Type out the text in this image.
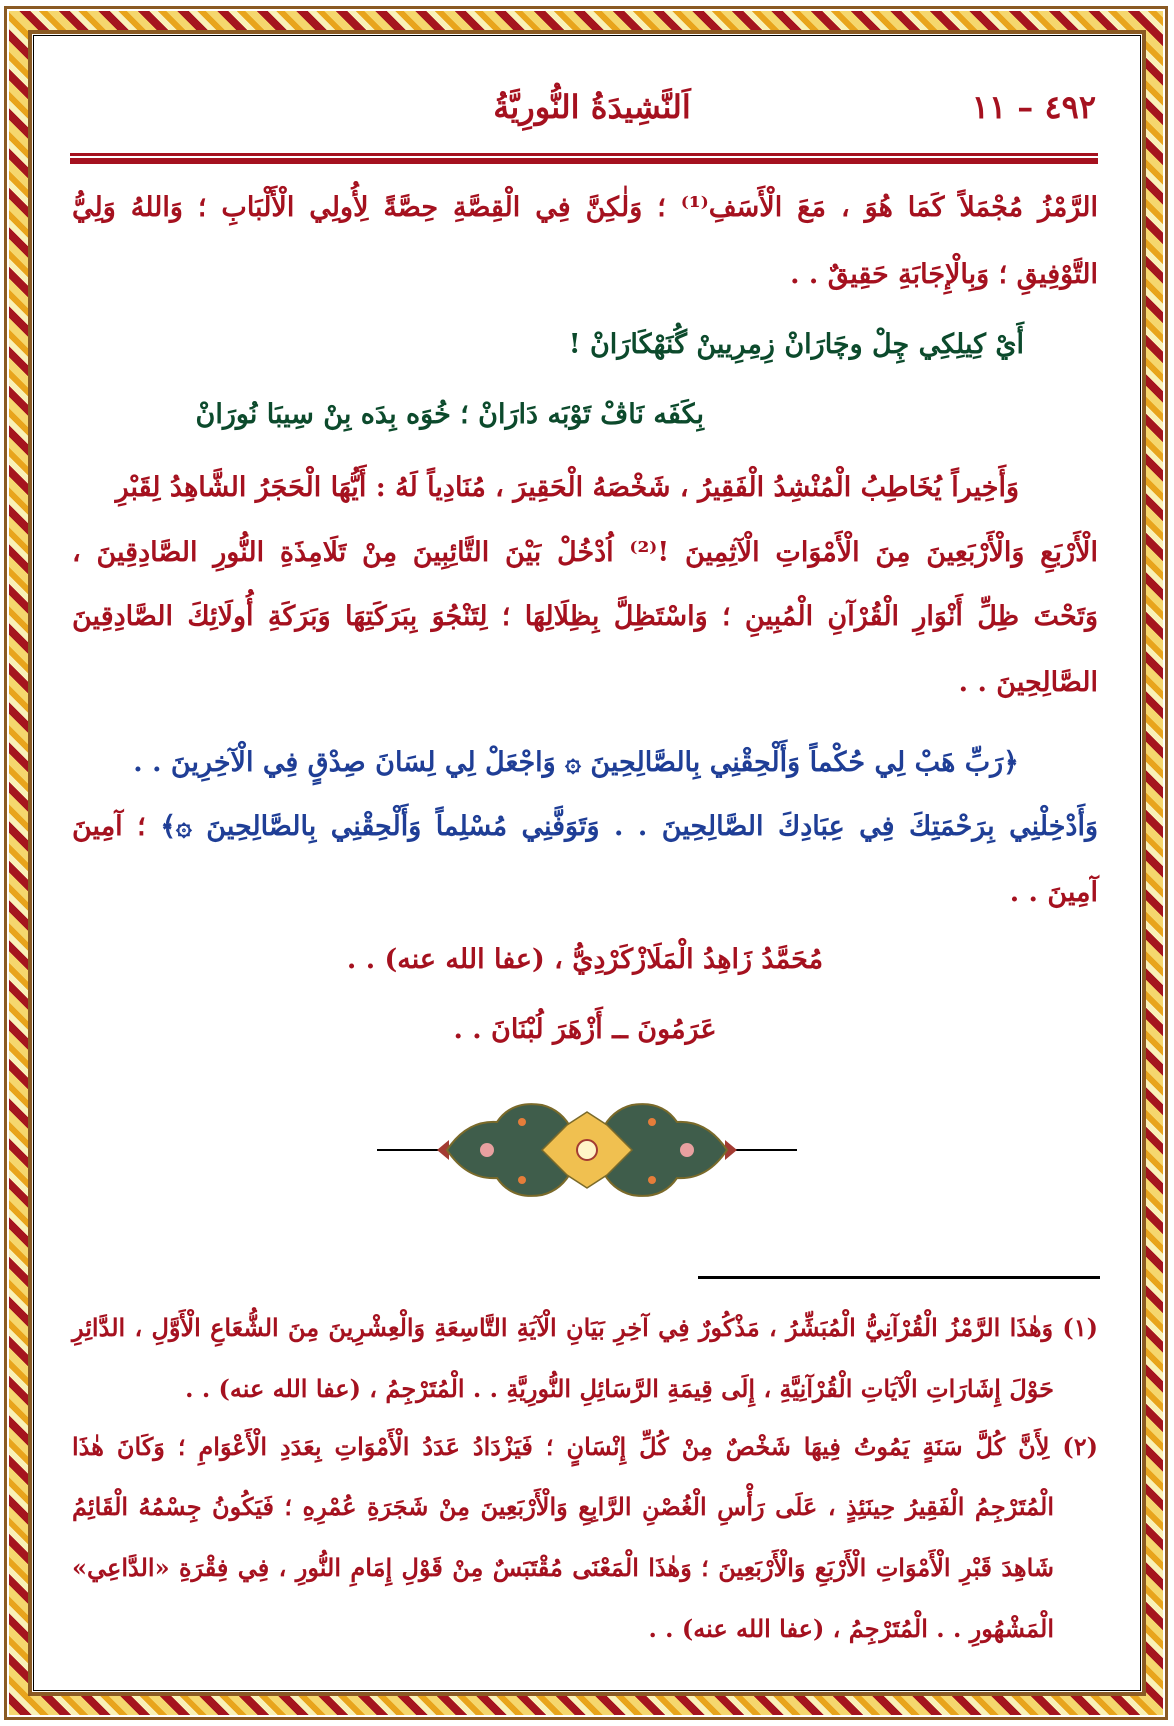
٤٩٢ – ١١
اَلنَّشِيدَةُ النُّورِيَّةُ
الرَّمْزُ مُجْمَلاً كَمَا هُوَ ، مَعَ الْأَسَفِ⁽¹⁾ ؛ وَلٰكِنَّ فِي الْقِصَّةِ حِصَّةً لِأُولِي الْأَلْبَابِ ؛ وَاللهُ وَلِيُّ
التَّوْفِيقِ ؛ وَبِالْإِجَابَةِ حَقِيقٌ . .
أَيْ كِيلِكِي چِلْ وچَارَانْ زِمِرِيينْ گُنَهْكَارَانْ !
بِكَفَه نَاڤْ تَوْبَه دَارَانْ ؛ خُوَه بِدَه بِنْ سِيبَا نُورَانْ
وَأَخِيراً يُخَاطِبُ الْمُنْشِدُ الْفَقِيرُ ، شَخْصَهُ الْحَقِيرَ ، مُنَادِياً لَهُ : أَيُّهَا الْحَجَرُ الشَّاهِدُ لِقَبْرِ
الْأَرْبَعِ وَالْأَرْبَعِينَ مِنَ الْأَمْوَاتِ الْآثِمِينَ !⁽²⁾ اُدْخُلْ بَيْنَ التَّائِبِينَ مِنْ تَلَامِذَةِ النُّورِ الصَّادِقِينَ ،
وَتَحْتَ ظِلِّ أَنْوَارِ الْقُرْآنِ الْمُبِينِ ؛ وَاسْتَظِلَّ بِظِلَالِهَا ؛ لِتَنْجُوَ بِبَرَكَتِهَا وَبَرَكَةِ أُولَائِكَ الصَّادِقِينَ
الصَّالِحِينَ . .
﴿رَبِّ هَبْ لِي حُكْماً وَأَلْحِقْنِي بِالصَّالِحِينَ ۞ وَاجْعَلْ لِي لِسَانَ صِدْقٍ فِي الْآخِرِينَ . .
وَأَدْخِلْنِي بِرَحْمَتِكَ فِي عِبَادِكَ الصَّالِحِينَ . . وَتَوَفَّنِي مُسْلِماً وَأَلْحِقْنِي بِالصَّالِحِينَ ۞﴾ ؛ آمِينَ
آمِينَ . .
مُحَمَّدُ زَاهِدُ الْمَلَازْكَرْدِيُّ ، (عفا الله عنه) . .
عَرَمُونَ ــ أَزْهَرَ لُبْنَانَ . .
(١) وَهٰذَا الرَّمْزُ الْقُرْآنِيُّ الْمُبَشِّرُ ، مَذْكُورٌ فِي آخِرِ بَيَانِ الْآيَةِ التَّاسِعَةِ وَالْعِشْرِينَ مِنَ الشُّعَاعِ الْأَوَّلِ ، الدَّائِرِ
حَوْلَ إِشَارَاتِ الْآيَاتِ الْقُرْآنِيَّةِ ، إِلَى قِيمَةِ الرَّسَائِلِ النُّورِيَّةِ . . الْمُتَرْجِمُ ، (عفا الله عنه) . .
(٢) لِأَنَّ كُلَّ سَنَةٍ يَمُوتُ فِيهَا شَخْصٌ مِنْ كُلِّ إِنْسَانٍ ؛ فَيَزْدَادُ عَدَدُ الْأَمْوَاتِ بِعَدَدِ الْأَعْوَامِ ؛ وَكَانَ هٰذَا
الْمُتَرْجِمُ الْفَقِيرُ حِينَئِذٍ ، عَلَى رَأْسِ الْغُصْنِ الرَّابِعِ وَالْأَرْبَعِينَ مِنْ شَجَرَةِ عُمْرِهِ ؛ فَيَكُونُ جِسْمُهُ الْقَائِمُ
شَاهِدَ قَبْرِ الْأَمْوَاتِ الْأَرْبَعِ وَالْأَرْبَعِينَ ؛ وَهٰذَا الْمَعْنَى مُقْتَبَسٌ مِنْ قَوْلِ إِمَامِ النُّورِ ، فِي فِقْرَةِ «الدَّاعِي»
الْمَشْهُورِ . . الْمُتَرْجِمُ ، (عفا الله عنه) . .
